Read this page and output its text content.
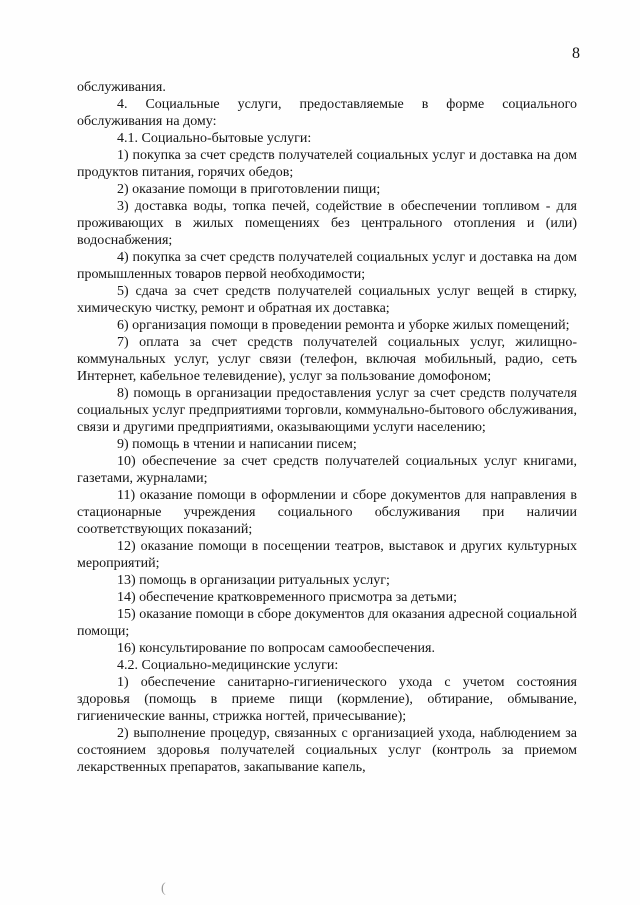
8

обслуживания.

4. Социальные услуги, предоставляемые в форме социального обслуживания на дому:

4.1. Социально-бытовые услуги:

1) покупка за счет средств получателей социальных услуг и доставка на дом продуктов питания, горячих обедов;

2) оказание помощи в приготовлении пищи;

3) доставка воды, топка печей, содействие в обеспечении топливом - для проживающих в жилых помещениях без центрального отопления и (или) водоснабжения;

4) покупка за счет средств получателей социальных услуг и доставка на дом промышленных товаров первой необходимости;

5) сдача за счет средств получателей социальных услуг вещей в стирку, химическую чистку, ремонт и обратная их доставка;

6) организация помощи в проведении ремонта и уборке жилых помещений;

7) оплата за счет средств получателей социальных услуг, жилищно-коммунальных услуг, услуг связи (телефон, включая мобильный, радио, сеть Интернет, кабельное телевидение), услуг за пользование домофоном;

8) помощь в организации предоставления услуг за счет средств получателя социальных услуг предприятиями торговли, коммунально-бытового обслуживания, связи и другими предприятиями, оказывающими услуги населению;

9) помощь в чтении и написании писем;

10) обеспечение за счет средств получателей социальных услуг книгами, газетами, журналами;

11) оказание помощи в оформлении и сборе документов для направления в стационарные учреждения социального обслуживания при наличии соответствующих показаний;

12) оказание помощи в посещении театров, выставок и других культурных мероприятий;

13) помощь в организации ритуальных услуг;

14) обеспечение кратковременного присмотра за детьми;

15) оказание помощи в сборе документов для оказания адресной социальной помощи;

16) консультирование по вопросам самообеспечения.

4.2. Социально-медицинские услуги:

1) обеспечение санитарно-гигиенического ухода с учетом состояния здоровья (помощь в приеме пищи (кормление), обтирание, обмывание, гигиенические ванны, стрижка ногтей, причесывание);

2) выполнение процедур, связанных с организацией ухода, наблюдением за состоянием здоровья получателей социальных услуг (контроль за приемом лекарственных препаратов, закапывание капель,

(
